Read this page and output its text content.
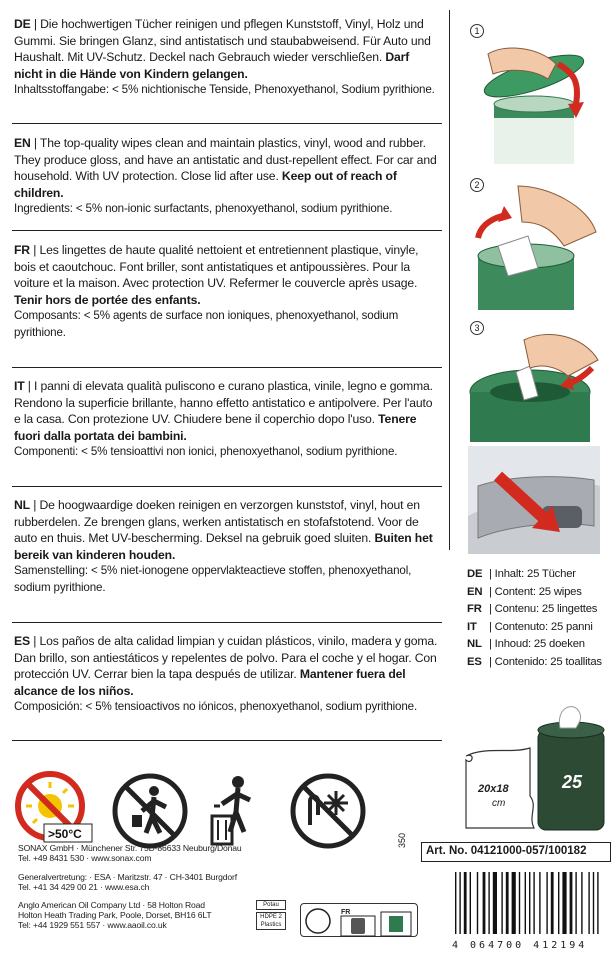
DE | Die hochwertigen Tücher reinigen und pflegen Kunststoff, Vinyl, Holz und Gummi. Sie bringen Glanz, sind antistatisch und staubabweisend. Für Auto und Haushalt. Mit UV-Schutz. Deckel nach Gebrauch wieder verschließen. Darf nicht in die Hände von Kindern gelangen.

Inhaltsstoffangabe: < 5% nichtionische Tenside, Phenoxyethanol, Sodium pyrithione.

EN | The top-quality wipes clean and maintain plastics, vinyl, wood and rubber. They produce gloss, and have an antistatic and dust-repellent effect. For car and household. With UV protection. Close lid after use. Keep out of reach of children.

Ingredients: < 5% non-ionic surfactants, phenoxyethanol, sodium pyrithione.

FR | Les lingettes de haute qualité nettoient et entretiennent plastique, vinyle, bois et caoutchouc. Font briller, sont antistatiques et antipoussières. Pour la voiture et la maison. Avec protection UV. Refermer le couvercle après usage. Tenir hors de portée des enfants.

Composants: < 5% agents de surface non ioniques, phenoxyethanol, sodium pyrithione.

IT | I panni di elevata qualità puliscono e curano plastica, vinile, legno e gomma. Rendono la superficie brillante, hanno effetto antistatico e antipolvere. Per l'auto e la casa. Con protezione UV. Chiudere bene il coperchio dopo l'uso. Tenere fuori dalla portata dei bambini.

Componenti: < 5% tensioattivi non ionici, phenoxyethanol, sodium pyrithione.

NL | De hoogwaardige doeken reinigen en verzorgen kunststof, vinyl, hout en rubberdelen. Ze brengen glans, werken antistatisch en stofafstotend. Voor de auto en thuis. Met UV-bescherming. Deksel na gebruik goed sluiten. Buiten het bereik van kinderen houden.

Samenstelling: < 5% niet-ionogene oppervlakteactieve stoffen, phenoxyethanol, sodium pyrithione.

ES | Los paños de alta calidad limpian y cuidan plásticos, vinilo, madera y goma. Dan brillo, son antiestáticos y repelentes de polvo. Para el coche y el hogar. Con protección UV. Cerrar bien la tapa después de utilizar. Mantener fuera del alcance de los niños.

Composición: < 5% tensioactivos no iónicos, phenoxyethanol, sodium pyrithione.

1
2
3
DE | Inhalt: 25 Tücher
EN | Content: 25 wipes
FR | Contenu: 25 lingettes
IT | Contenuto: 25 panni
NL | Inhoud: 25 doeken
ES | Contenido: 25 toallitas
20x18
cm
25
>50°C
SONAX GmbH · Münchener Str. 75D-86633 Neuburg/Donau
Tel. +49 8431 530 · www.sonax.com
Generalvertretung: · ESA · Maritzstr. 47 · CH-3401 Burgdorf
Tel. +41 34 429 00 21 · www.esa.ch
Anglo American Oil Company Ltd · 58 Holton Road
Holton Heath Trading Park, Poole, Dorset, BH16 6LT
Tel: +44 1929 551 557 · www.aaoil.co.uk
Potau
HDPE 2
Plastics
FR
350
Art. No. 04121000-057/100182
4 064700 412194
